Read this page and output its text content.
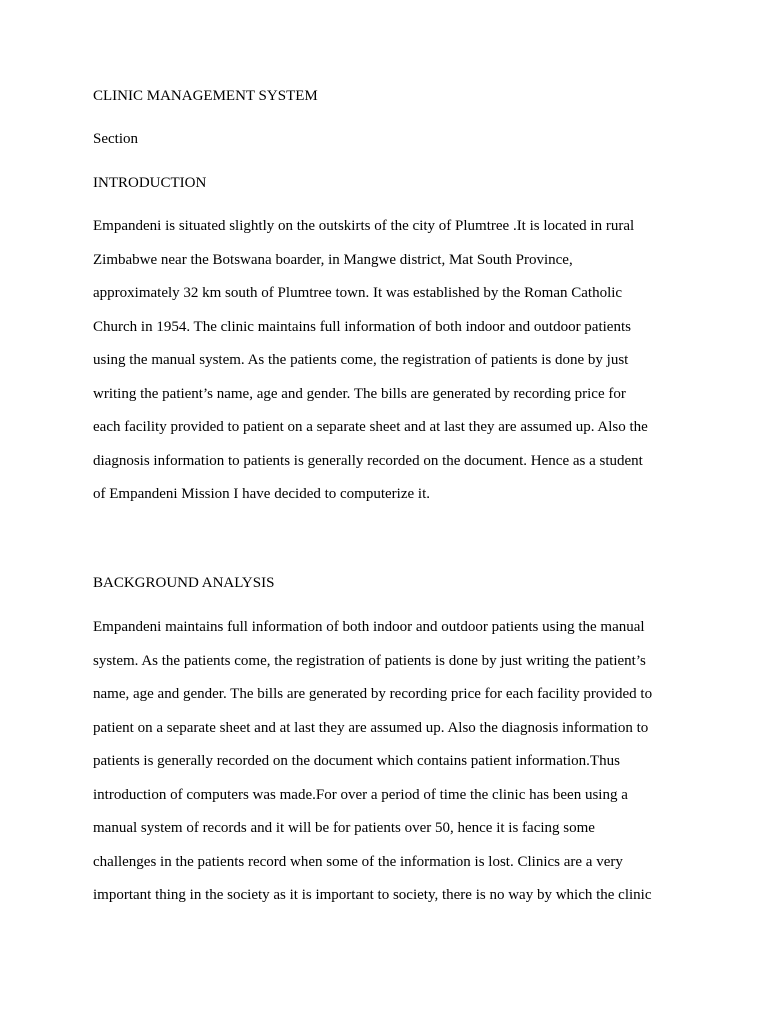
CLINIC MANAGEMENT SYSTEM

Section

INTRODUCTION

Empandeni is situated slightly on the outskirts of the city of Plumtree .It is located in rural

Zimbabwe near the Botswana boarder, in Mangwe district, Mat South Province,

approximately 32 km south of Plumtree town. It was established by the Roman Catholic

Church in 1954. The clinic maintains full information of both indoor and outdoor patients

using the manual system. As the patients come, the registration of patients is done by just

writing the patient’s name, age and gender. The bills are generated by recording price for

each facility provided to patient on a separate sheet and at last they are assumed up. Also the

diagnosis information to patients is generally recorded on the document. Hence as a student

of Empandeni Mission I have decided to computerize it.

BACKGROUND ANALYSIS

Empandeni maintains full information of both indoor and outdoor patients using the manual

system. As the patients come, the registration of patients is done by just writing the patient’s

name, age and gender. The bills are generated by recording price for each facility provided to

patient on a separate sheet and at last they are assumed up. Also the diagnosis information to

patients is generally recorded on the document which contains patient information.Thus

introduction of computers was made.For over a period of time the clinic has been using a

manual system of records and it will be for patients over 50, hence it is facing some

challenges in the patients record when some of the information is lost. Clinics are a very

important thing in the society as it is important to society, there is no way by which the clinic
